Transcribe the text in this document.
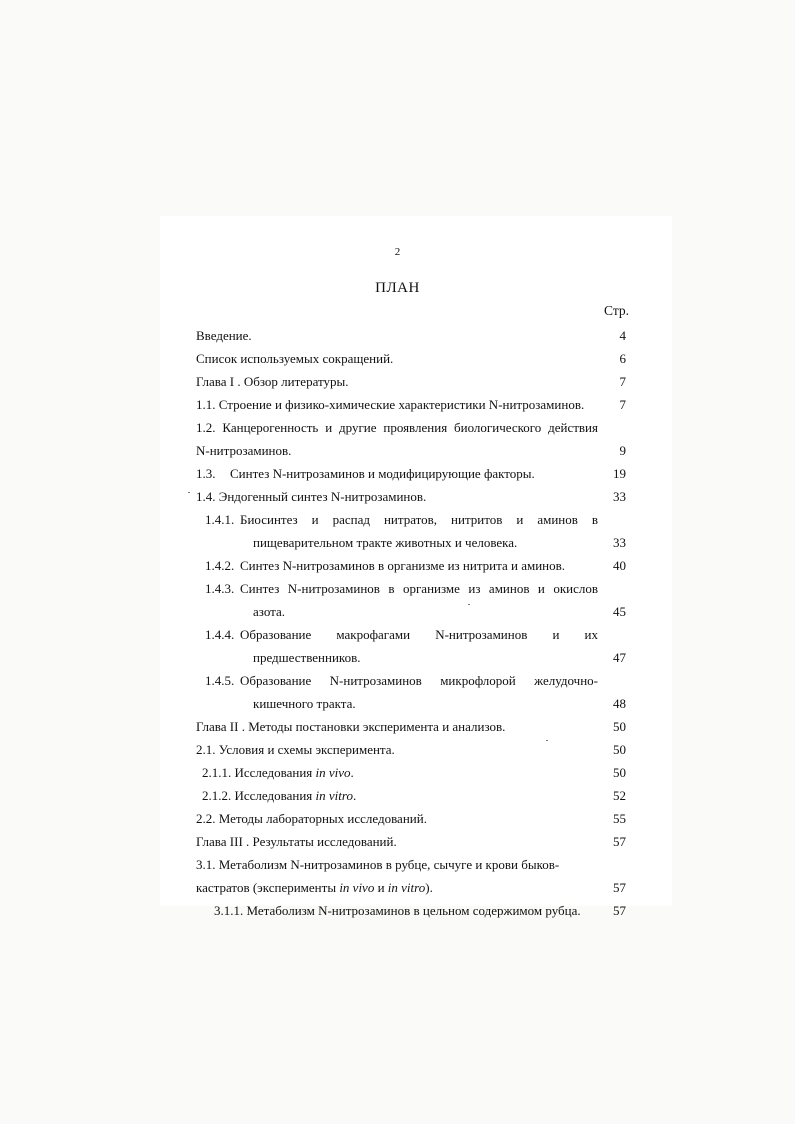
2
ПЛАН
Стр.
Введение.	4
Список используемых сокращений.	6
Глава I . Обзор литературы.	7
1.1. Строение и физико-химические характеристики N-нитрозаминов.	7
1.2. Канцерогенность и другие проявления биологического действия
N-нитрозаминов.	9
1.3. Синтез N-нитрозаминов и модифицирующие факторы.	19
1.4. Эндогенный синтез N-нитрозаминов.	33
1.4.1. Биосинтез и распад нитратов, нитритов и аминов в
пищеварительном тракте животных и человека.	33
1.4.2. Синтез N-нитрозаминов в организме из нитрита и аминов.	40
1.4.3. Синтез N-нитрозаминов в организме из аминов и окислов
азота.	45
1.4.4. Образование макрофагами N-нитрозаминов и их
предшественников.	47
1.4.5. Образование N-нитрозаминов микрофлорой желудочно-
кишечного тракта.	48
Глава II . Методы постановки эксперимента и анализов.	50
2.1. Условия и схемы эксперимента.	50
2.1.1. Исследования in vivo.	50
2.1.2. Исследования in vitro.	52
2.2. Методы лабораторных исследований.	55
Глава III . Результаты исследований.	57
3.1. Метаболизм N-нитрозаминов в рубце, сычуге и крови быков-
кастратов (эксперименты in vivo и in vitro).	57
3.1.1. Метаболизм N-нитрозаминов в цельном содержимом рубца. 57
